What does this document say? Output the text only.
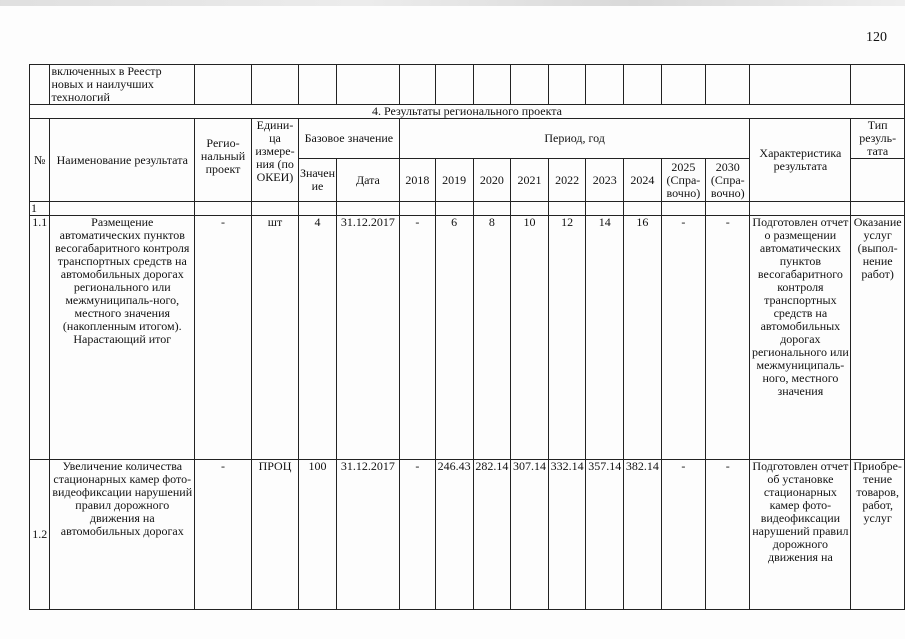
120
	включенных в Реестр новых и наилучших технологий															
4. Результаты регионального проекта																
№	Наименование результата	Регио-нальный проект	Едини-ца измере-ния (по ОКЕИ)	Базовое значение		Период, год									Характеристика результата	Тип резуль-тата
				Значен ие	Дата	2018	2019	2020	2021	2022	2023	2024	2025 (Спра-вочно)	2030 (Спра-вочно)		
1																
1.1	Размещение автоматических пунктов весогабаритного контроля транспортных средств на автомобильных дорогах регионального или межмуниципаль-ного, местного значения (накопленным итогом). Нарастающий итог	-	шт	4	31.12.2017	-	6	8	10	12	14	16	-	-	Подготовлен отчет о размещении автоматических пунктов весогабаритного контроля транспортных средств на автомобильных дорогах регионального или межмуниципаль-ного, местного значения	Оказание услуг (выпол-нение работ)
1.2	Увеличение количества стационарных камер фото-видеофиксации нарушений правил дорожного движения на автомобильных дорогах	-	ПРОЦ	100	31.12.2017	-	246.43	282.14	307.14	332.14	357.14	382.14	-	-	Подготовлен отчет об установке стационарных камер фото-видеофиксации нарушений правил дорожного движения на	Приобре-тение товаров, работ, услуг
